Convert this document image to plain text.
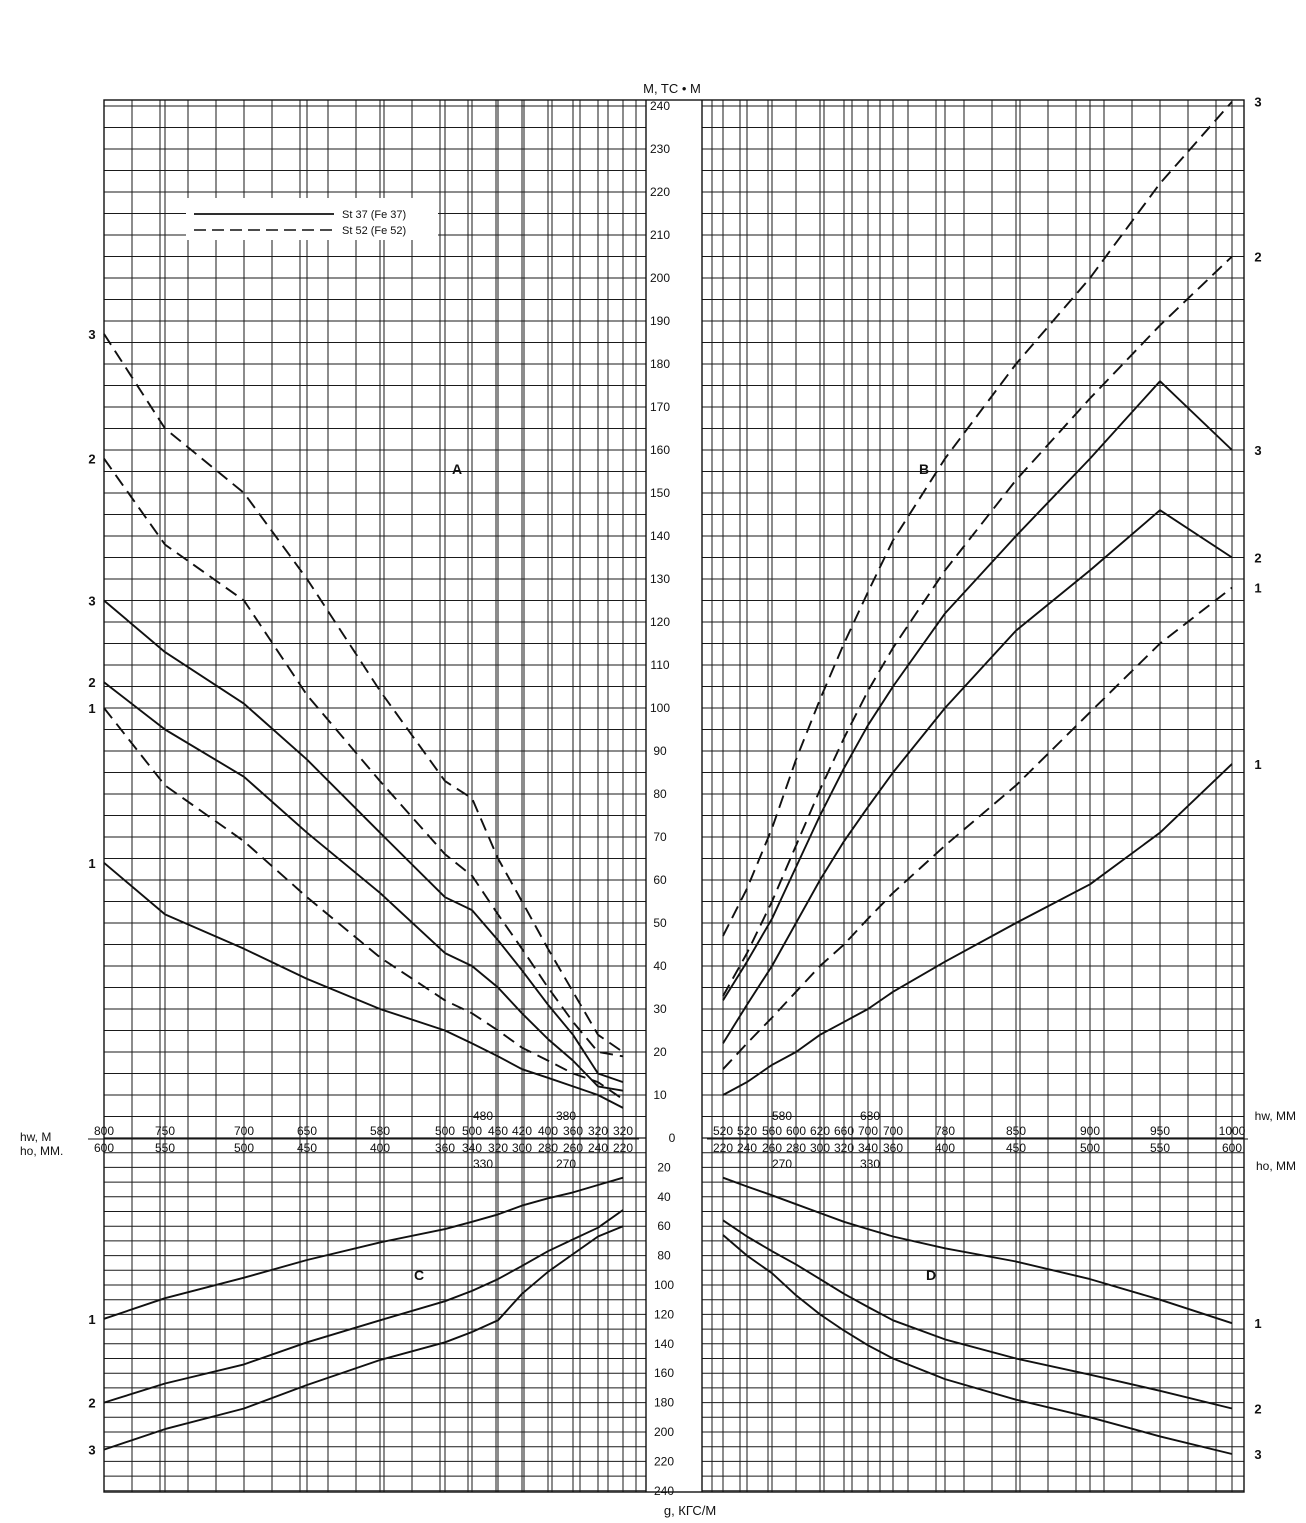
M, TC • M
g, КГС/M
10
20
30
40
50
60
70
80
90
100
110
120
130
140
150
160
170
180
190
200
210
220
230
240
20
40
60
80
100
120
140
160
180
200
220
240
0
800	750	700	650	580	500 500 460 420 400 360 320 320
600	550	500	450	400	360 340 320 300 280 260 240 220
520 520 560 600 620 660 700 700	780	850	900	950	1000
220 240 260 280 300 320 340 360	400	450	500	550	600
480	380
330	270
580	680
270	330
hw, M
ho, MM.
hw, MM
ho, MM
3
2
3
2
1
1
3
2
3
2
1
1
1
2
3
1
2
3
A	B
C	D
St 37 (Fe 37)
St 52 (Fe 52)
